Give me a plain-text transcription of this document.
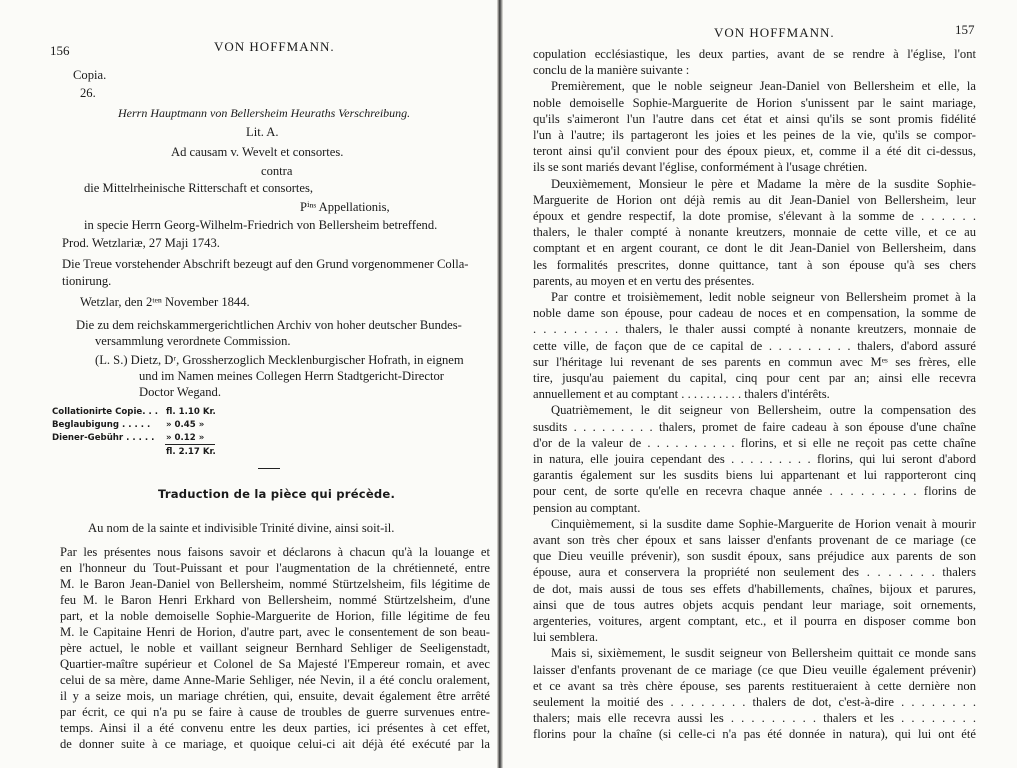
156	VON HOFFMANN.
Copia.
26.
Herrn Hauptmann von Bellersheim Heuraths Verschreibung.
Lit. A.
Ad causam v. Wevelt et consortes.
contra
die Mittelrheinische Ritterschaft et consortes,
Pⁱⁿˢ Appellationis,
in specie Herrn Georg-Wilhelm-Friedrich von Bellersheim betreffend.
Prod. Wetzlariæ, 27 Maji 1743.
Die Treue vorstehender Abschrift bezeugt auf den Grund vorgenommener Colla-
tionirung.
Wetzlar, den 2ᵗᵉⁿ November 1844.
Die zu dem reichskammergerichtlichen Archiv von hoher deutscher Bundes-
versammlung verordnete Commission.
(L. S.) Dietz, Dʳ, Grossherzoglich Mecklenburgischer Hofrath, in eignem
und im Namen meines Collegen Herrn Stadtgericht-Director
Doctor Wegand.
Collationirte Copie. . . fl. 1.10 Kr.
Beglaubigung . . . . . » 0.45 »
Diener-Gebühr . . . . . » 0.12 »
fl. 2.17 Kr.
Traduction de la pièce qui précède.
Au nom de la sainte et indivisible Trinité divine, ainsi soit-il.
Par les présentes nous faisons savoir et déclarons à chacun qu'à la louange et
en l'honneur du Tout-Puissant et pour l'augmentation de la chrétienneté, entre
M. le Baron Jean-Daniel von Bellersheim, nommé Stürtzelsheim, fils légitime de
feu M. le Baron Henri Erkhard von Bellersheim, nommé Stürtzelsheim, d'une
part, et la noble demoiselle Sophie-Marguerite de Horion, fille légitime de feu
M. le Capitaine Henri de Horion, d'autre part, avec le consentement de son beau-
père actuel, le noble et vaillant seigneur Bernhard Sehliger de Seeligenstadt,
Quartier-maître supérieur et Colonel de Sa Majesté l'Empereur romain, et avec
celui de sa mère, dame Anne-Marie Sehliger, née Nevin, il a été conclu oralement,
il y a seize mois, un mariage chrétien, qui, ensuite, devait également être arrêté
par écrit, ce qui n'a pu se faire à cause de troubles de guerre survenues entre-
temps. Ainsi il a été convenu entre les deux parties, ici présentes à cet effet,
de donner suite à ce mariage, et quoique celui-ci ait déjà été exécuté par la
VON HOFFMANN.	157
copulation ecclésiastique, les deux parties, avant de se rendre à l'église, l'ont
conclu de la manière suivante :
Premièrement, que le noble seigneur Jean-Daniel von Bellersheim et elle, la
noble demoiselle Sophie-Marguerite de Horion s'unissent par le saint mariage,
qu'ils s'aimeront l'un l'autre dans cet état et ainsi qu'ils se sont promis fidélité
l'un à l'autre; ils partageront les joies et les peines de la vie, qu'ils se compor-
teront ainsi qu'il convient pour des époux pieux, et, comme il a été dit ci-dessus,
ils se sont mariés devant l'église, conformément à l'usage chrétien.
Deuxièmement, Monsieur le père et Madame la mère de la susdite Sophie-
Marguerite de Horion ont déjà remis au dit Jean-Daniel von Bellersheim, leur
époux et gendre respectif, la dote promise, s'élevant à la somme de . . . . . .
thalers, le thaler compté à nonante kreutzers, monnaie de cette ville, et ce au
comptant et en argent courant, ce dont le dit Jean-Daniel von Bellersheim, dans
les formalités prescrites, donne quittance, tant à son épouse qu'à ses chers
parents, au moyen et en vertu des présentes.
Par contre et troisièmement, ledit noble seigneur von Bellersheim promet à la
noble dame son épouse, pour cadeau de noces et en compensation, la somme de
. . . . . . . . . thalers, le thaler aussi compté à nonante kreutzers, monnaie de
cette ville, de façon que de ce capital de . . . . . . . . . thalers, d'abord assuré
sur l'héritage lui revenant de ses parents en commun avec Mᵉˢ ses frères, elle
tire, jusqu'au paiement du capital, cinq pour cent par an; ainsi elle recevra
annuellement et au comptant . . . . . . . . . . thalers d'intérêts.
Quatrièmement, le dit seigneur von Bellersheim, outre la compensation des
susdits . . . . . . . . . thalers, promet de faire cadeau à son épouse d'une chaîne
d'or de la valeur de . . . . . . . . . . florins, et si elle ne reçoit pas cette chaîne
in natura, elle jouira cependant des . . . . . . . . . florins, qui lui seront d'abord
garantis également sur les susdits biens lui appartenant et lui rapporteront cinq
pour cent, de sorte qu'elle en recevra chaque année . . . . . . . . . florins de
pension au comptant.
Cinquièmement, si la susdite dame Sophie-Marguerite de Horion venait à mourir
avant son très cher époux et sans laisser d'enfants provenant de ce mariage (ce
que Dieu veuille prévenir), son susdit époux, sans préjudice aux parents de son
épouse, aura et conservera la propriété non seulement des . . . . . . . thalers
de dot, mais aussi de tous ses effets d'habillements, chaînes, bijoux et parures,
ainsi que de tous autres objets acquis pendant leur mariage, soit ornements,
argenteries, voitures, argent comptant, etc., et il pourra en disposer comme bon
lui semblera.
Mais si, sixièmement, le susdit seigneur von Bellersheim quittait ce monde sans
laisser d'enfants provenant de ce mariage (ce que Dieu veuille également prévenir)
et ce avant sa très chère épouse, ses parents restitueraient à cette dernière non
seulement la moitié des . . . . . . . . thalers de dot, c'est-à-dire . . . . . . . .
thalers; mais elle recevra aussi les . . . . . . . . . thalers et les . . . . . . . .
florins pour la chaîne (si celle-ci n'a pas été donnée in natura), qui lui ont été
